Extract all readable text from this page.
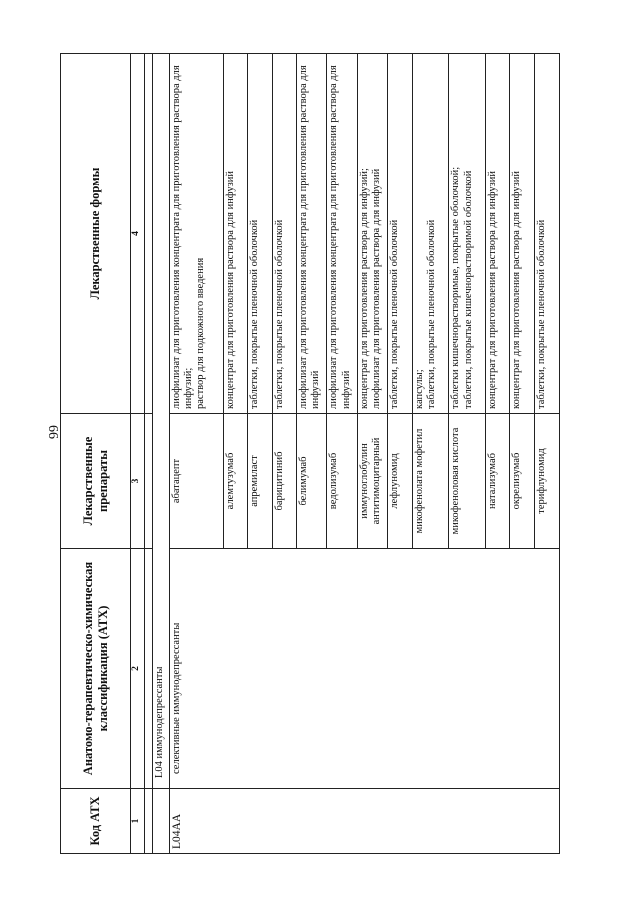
66
Код АТХ	Анатомо-терапевтическо-химическая классификация (АТХ)	Лекарственные препараты	Лекарственные формы
1	2	3	4

	L04 иммунодепрессанты		
L04AA	селективные иммунодепрессанты	абатацепт	лиофилизат для приготовления концентрата для приготовления раствора для инфузий;
раствор для подкожного введения
		алемтузумаб	концентрат для приготовления раствора для инфузий
		апремиласт	таблетки, покрытые пленочной оболочкой
		барицитиниб	таблетки, покрытые пленочной оболочкой
		белимумаб	лиофилизат для приготовления концентрата для приготовления раствора для инфузий
		ведолизумаб	лиофилизат для приготовления концентрата для приготовления раствора для инфузий
		иммуноглобулин антитимоцитарный	концентрат для приготовления раствора для инфузий;
лиофилизат для приготовления раствора для инфузий
		лефлуномид	таблетки, покрытые пленочной оболочкой
		микофенолата мофетил	капсулы;
таблетки, покрытые пленочной оболочкой
		микофеноловая кислота	таблетки кишечнорастворимые, покрытые оболочкой;
таблетки, покрытые кишечнорастворимой оболочкой
		натализумаб	концентрат для приготовления раствора для инфузий
		окрелизумаб	концентрат для приготовления раствора для инфузий
		терифлуномид	таблетки, покрытые пленочной оболочкой
